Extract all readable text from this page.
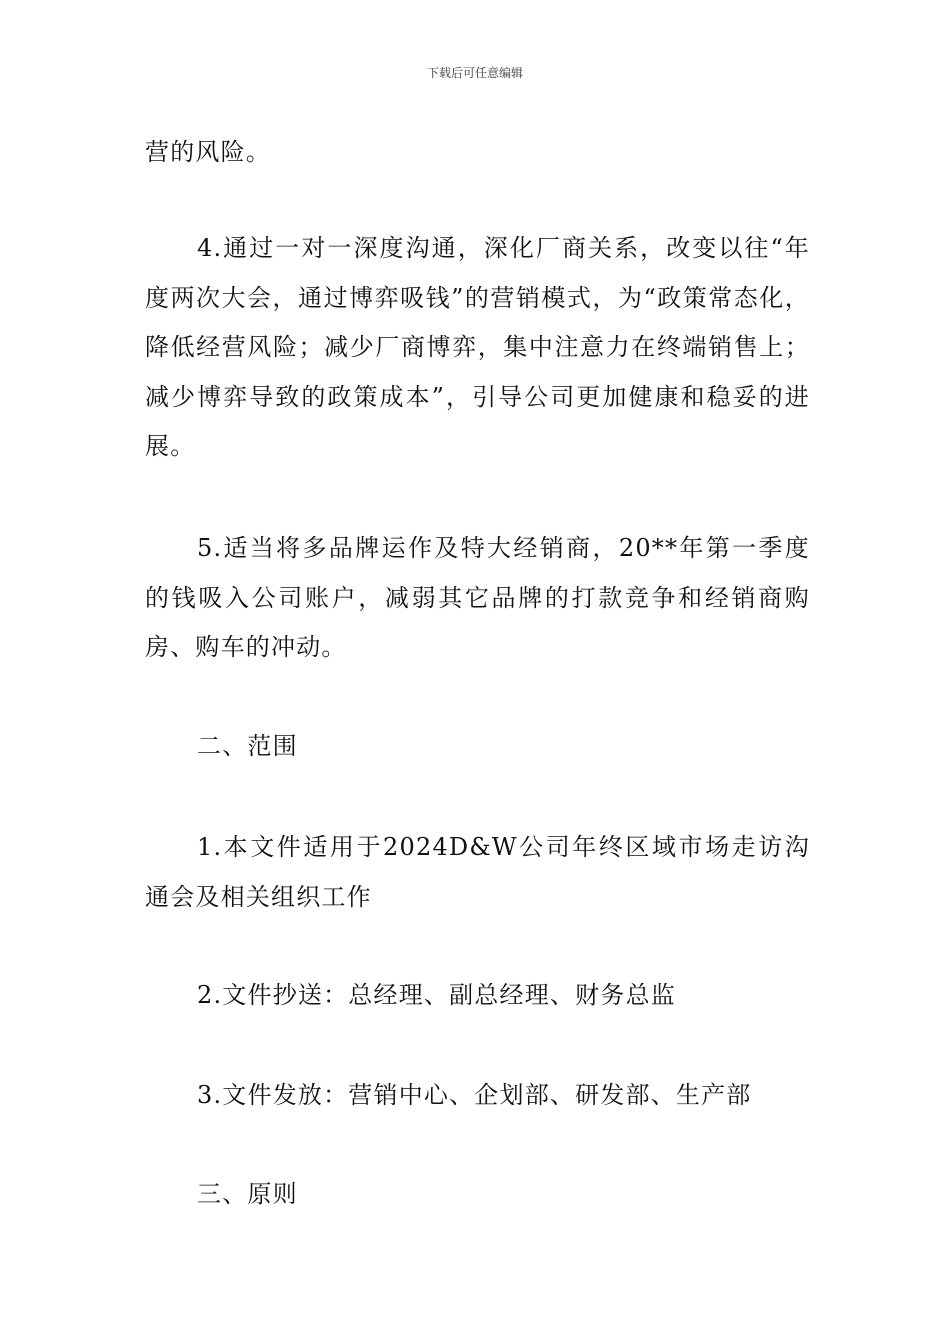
下载后可任意编辑

营的风险。

4.通过一对一深度沟通，深化厂商关系，改变以往“年度两次大会，通过博弈吸钱”的营销模式，为“政策常态化，降低经营风险；减少厂商博弈，集中注意力在终端销售上；减少博弈导致的政策成本”，引导公司更加健康和稳妥的进展。

5.适当将多品牌运作及特大经销商，20**年第一季度的钱吸入公司账户，减弱其它品牌的打款竞争和经销商购房、购车的冲动。

二、范围

1.本文件适用于2024D&W公司年终区域市场走访沟通会及相关组织工作

2.文件抄送：总经理、副总经理、财务总监

3.文件发放：营销中心、企划部、研发部、生产部

三、原则
